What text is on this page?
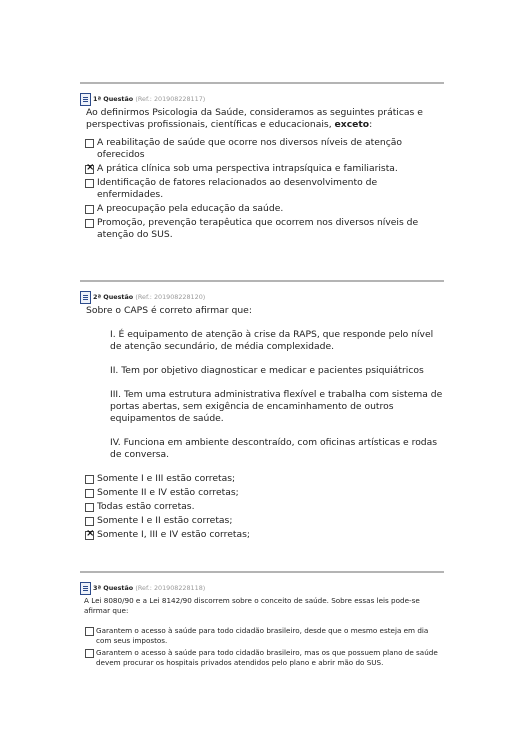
1ª Questão (Ref.: 201908228117)
Ao definirmos Psicologia da Saúde, consideramos as seguintes práticas e perspectivas profissionais, científicas e educacionais, exceto:
A reabilitação de saúde que ocorre nos diversos níveis de atenção oferecidos
×
A prática clínica sob uma perspectiva intrapsíquica e familiarista.
Identificação de fatores relacionados ao desenvolvimento de enfermidades.
A preocupação pela educação da saúde.
Promoção, prevenção terapêutica que ocorrem nos diversos níveis de atenção do SUS.
2ª Questão (Ref.: 201908228120)
Sobre o CAPS é correto afirmar que:

I. É equipamento de atenção à crise da RAPS, que responde pelo nível de atenção secundário, de média complexidade.

II. Tem por objetivo diagnosticar e medicar e pacientes psiquiátricos

III. Tem uma estrutura administrativa flexível e trabalha com sistema de portas abertas, sem exigência de encaminhamento de outros equipamentos de saúde.

IV. Funciona em ambiente descontraído, com oficinas artísticas e rodas de conversa.

Somente I e III estão corretas;
Somente II e IV estão corretas;
Todas estão corretas.
Somente I e II estão corretas;
×
Somente I, III e IV estão corretas;
3ª Questão (Ref.: 201908228118)
A Lei 8080/90 e a Lei 8142/90 discorrem sobre o conceito de saúde. Sobre essas leis pode-se afirmar que:
Garantem o acesso à saúde para todo cidadão brasileiro, desde que o mesmo esteja em dia com seus impostos.
Garantem o acesso à saúde para todo cidadão brasileiro, mas os que possuem plano de saúde devem procurar os hospitais privados atendidos pelo plano e abrir mão do SUS.
